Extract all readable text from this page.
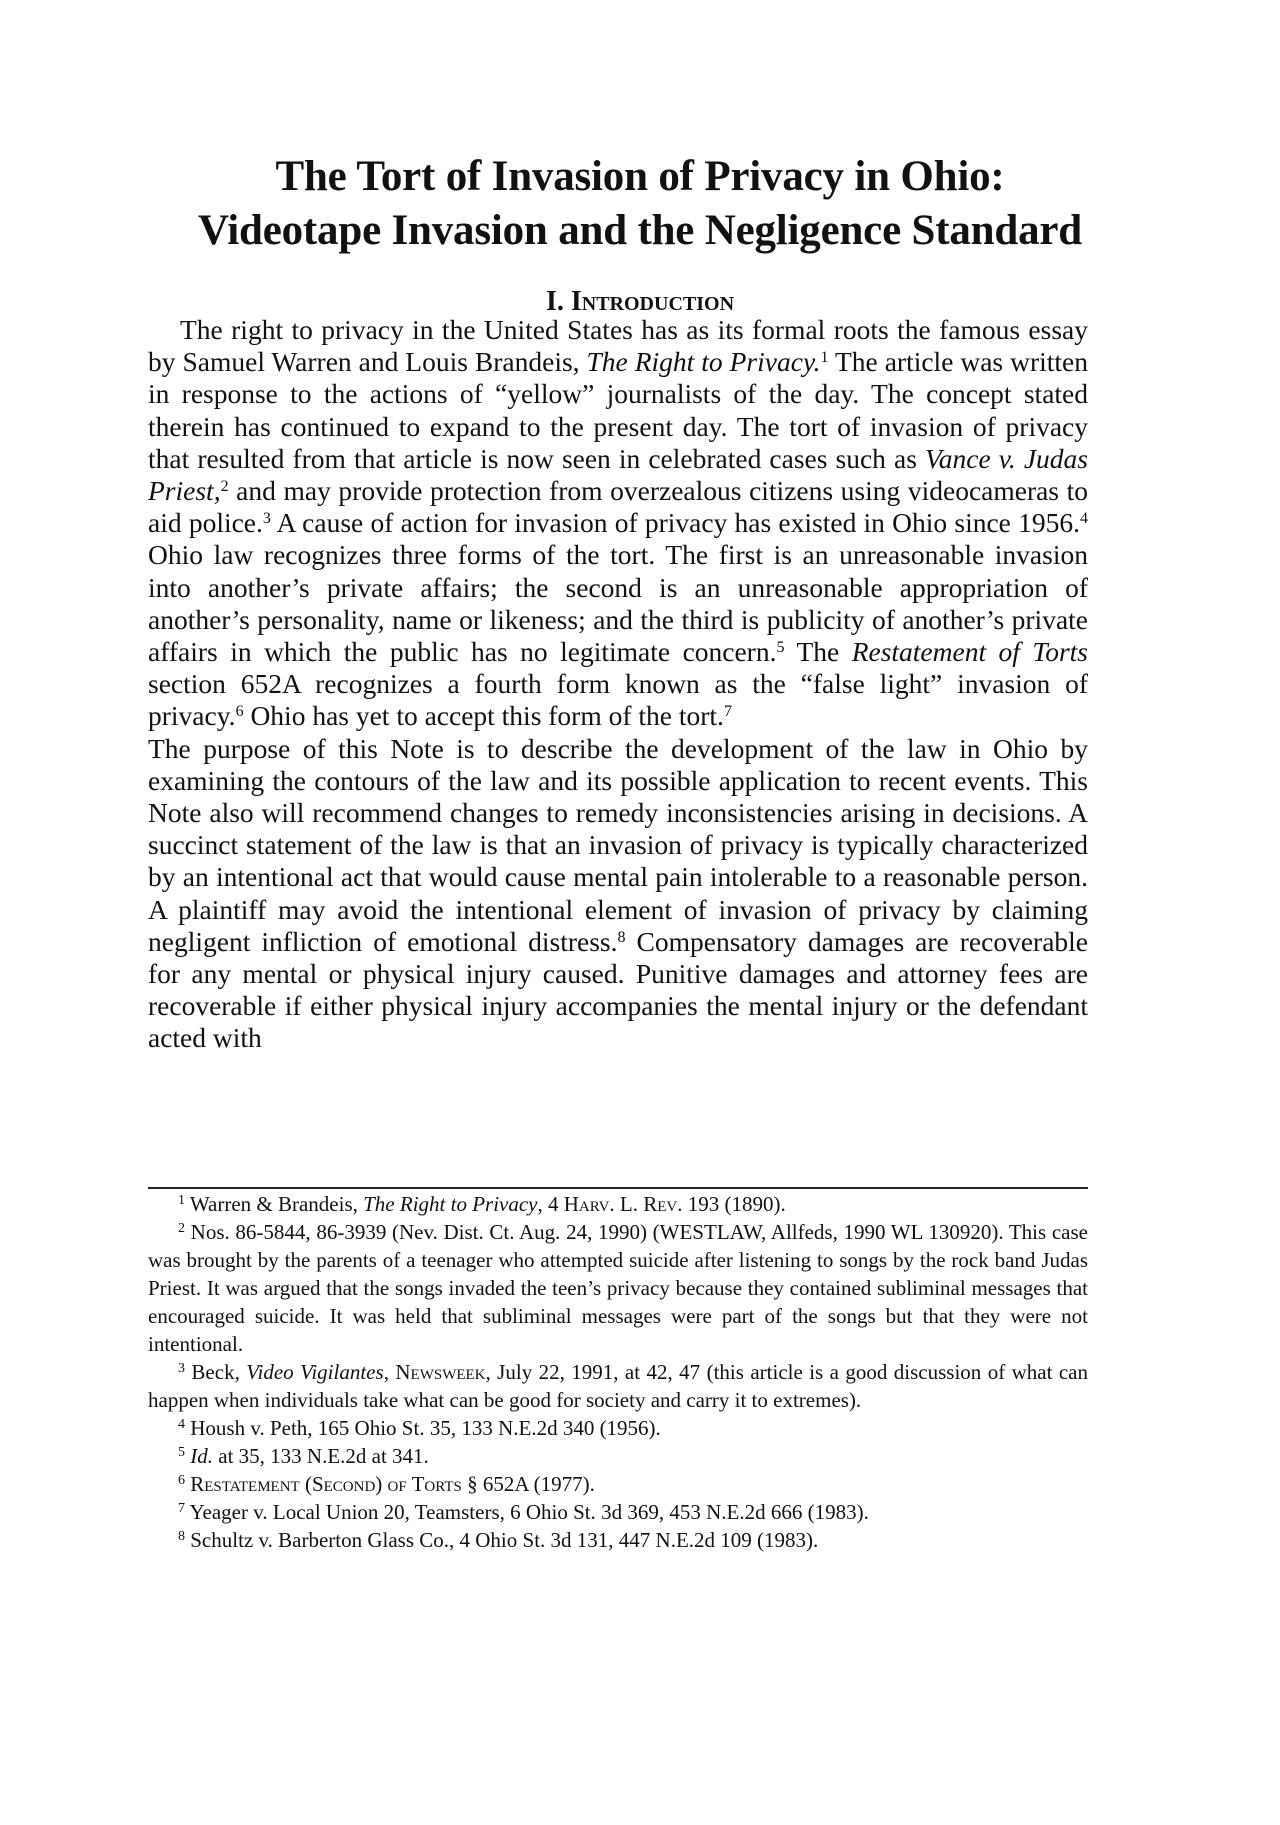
The Tort of Invasion of Privacy in Ohio:
Videotape Invasion and the Negligence Standard
I. Introduction

The right to privacy in the United States has as its formal roots the famous essay by Samuel Warren and Louis Brandeis, The Right to Privacy.$^1$ The article was written in response to the actions of “yellow” journalists of the day. The concept stated therein has continued to expand to the present day. The tort of invasion of privacy that resulted from that article is now seen in celebrated cases such as Vance v. Judas Priest,$^2$ and may provide protection from overzealous citizens using videocameras to aid police.$^3$ A cause of action for invasion of privacy has existed in Ohio since 1956.$^4$ Ohio law recognizes three forms of the tort. The first is an unreasonable invasion into another’s private affairs; the second is an unreasonable appropriation of another’s personality, name or likeness; and the third is publicity of another’s private affairs in which the public has no legitimate concern.$^5$ The Restatement of Torts section 652A recognizes a fourth form known as the “false light” invasion of privacy.$^6$ Ohio has yet to accept this form of the tort.$^7$

The purpose of this Note is to describe the development of the law in Ohio by examining the contours of the law and its possible application to recent events. This Note also will recommend changes to remedy inconsistencies arising in decisions. A succinct statement of the law is that an invasion of privacy is typically characterized by an intentional act that would cause mental pain intolerable to a reasonable person. A plaintiff may avoid the intentional element of invasion of privacy by claiming negligent infliction of emotional distress.$^8$ Compensatory damages are recoverable for any mental or physical injury caused. Punitive damages and attorney fees are recoverable if either physical injury accompanies the mental injury or the defendant acted with

$^1$ Warren & Brandeis, The Right to Privacy, 4 Harv. L. Rev. 193 (1890).

$^2$ Nos. 86-5844, 86-3939 (Nev. Dist. Ct. Aug. 24, 1990) (WESTLAW, Allfeds, 1990 WL 130920). This case was brought by the parents of a teenager who attempted suicide after listening to songs by the rock band Judas Priest. It was argued that the songs invaded the teen’s privacy because they contained subliminal messages that encouraged suicide. It was held that subliminal messages were part of the songs but that they were not intentional.

$^3$ Beck, Video Vigilantes, Newsweek, July 22, 1991, at 42, 47 (this article is a good discussion of what can happen when individuals take what can be good for society and carry it to extremes).

$^4$ Housh v. Peth, 165 Ohio St. 35, 133 N.E.2d 340 (1956).

$^5$ Id. at 35, 133 N.E.2d at 341.

$^6$ Restatement (Second) of Torts § 652A (1977).

$^7$ Yeager v. Local Union 20, Teamsters, 6 Ohio St. 3d 369, 453 N.E.2d 666 (1983).

$^8$ Schultz v. Barberton Glass Co., 4 Ohio St. 3d 131, 447 N.E.2d 109 (1983).
